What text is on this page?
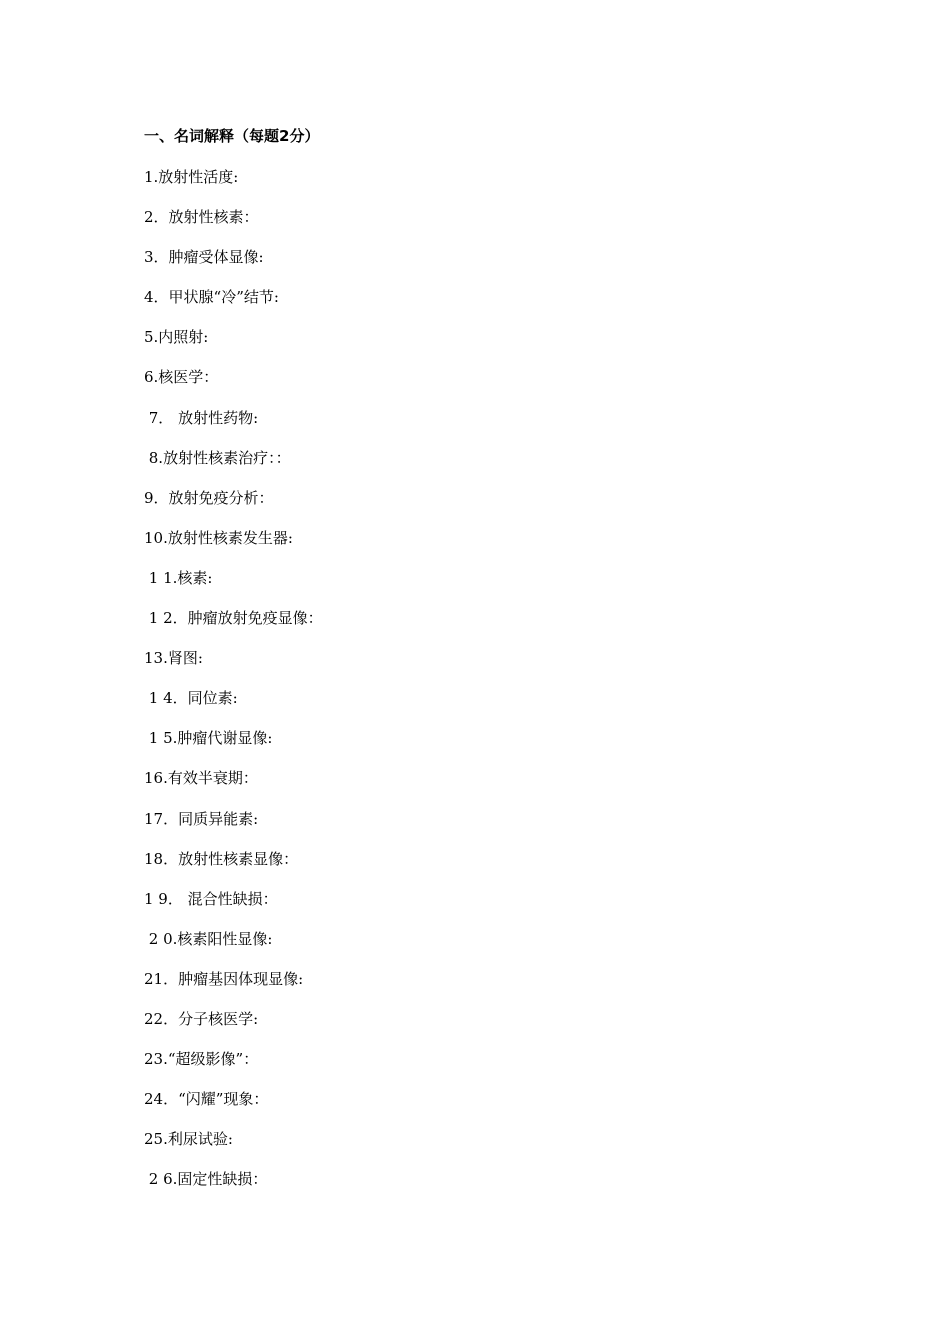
一、名词解释（每题2分）
1.放射性活度:
2．放射性核素：
3．肿瘤受体显像:
4．甲状腺“冷”结节:
5.内照射:
6.核医学：
7． 放射性药物:
8.放射性核素治疗：：
9．放射免疫分析：
10.放射性核素发生器:
1 1.核素:
1 2．肿瘤放射免疫显像：
13.肾图:
1 4．同位素:
1 5.肿瘤代谢显像:
16.有效半衰期：
17．同质异能素:
18．放射性核素显像：
1 9． 混合性缺损：
2 0.核素阳性显像:
21．肿瘤基因体现显像:
22．分子核医学:
23.“超级影像”：
24．“闪耀”现象：
25.利尿试验:
2 6.固定性缺损：
